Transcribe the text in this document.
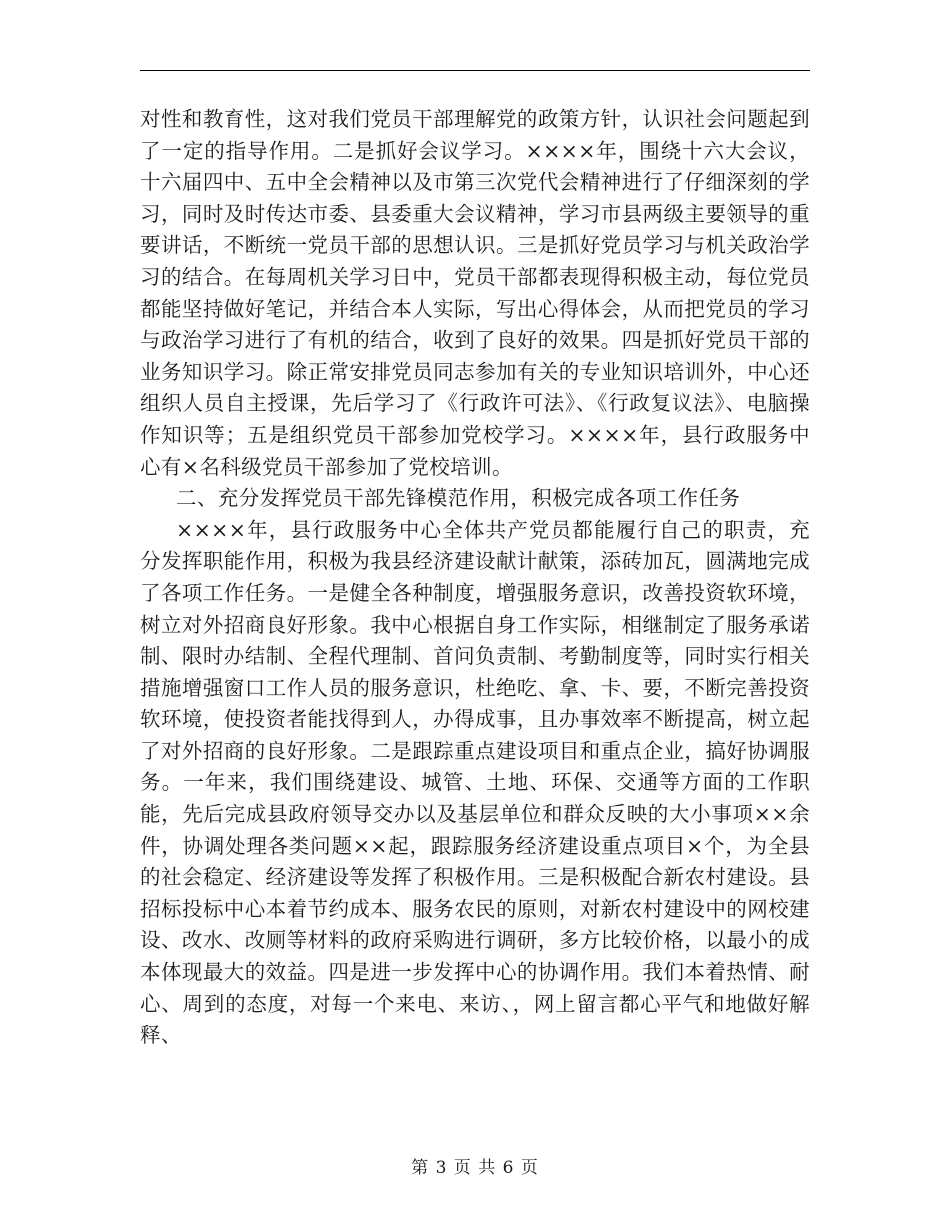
对性和教育性，这对我们党员干部理解党的政策方针，认识社会问题起到了一定的指导作用。二是抓好会议学习。××××年，围绕十六大会议，十六届四中、五中全会精神以及市第三次党代会精神进行了仔细深刻的学习，同时及时传达市委、县委重大会议精神，学习市县两级主要领导的重要讲话，不断统一党员干部的思想认识。三是抓好党员学习与机关政治学习的结合。在每周机关学习日中，党员干部都表现得积极主动，每位党员都能坚持做好笔记，并结合本人实际，写出心得体会，从而把党员的学习与政治学习进行了有机的结合，收到了良好的效果。四是抓好党员干部的业务知识学习。除正常安排党员同志参加有关的专业知识培训外，中心还组织人员自主授课，先后学习了《行政许可法》、《行政复议法》、电脑操作知识等；五是组织党员干部参加党校学习。××××年，县行政服务中心有×名科级党员干部参加了党校培训。

二、充分发挥党员干部先锋模范作用，积极完成各项工作任务

××××年，县行政服务中心全体共产党员都能履行自己的职责，充分发挥职能作用，积极为我县经济建设献计献策，添砖加瓦，圆满地完成了各项工作任务。一是健全各种制度，增强服务意识，改善投资软环境，树立对外招商良好形象。我中心根据自身工作实际，相继制定了服务承诺制、限时办结制、全程代理制、首问负责制、考勤制度等，同时实行相关措施增强窗口工作人员的服务意识，杜绝吃、拿、卡、要，不断完善投资软环境，使投资者能找得到人，办得成事，且办事效率不断提高，树立起了对外招商的良好形象。二是跟踪重点建设项目和重点企业，搞好协调服务。一年来，我们围绕建设、城管、土地、环保、交通等方面的工作职能，先后完成县政府领导交办以及基层单位和群众反映的大小事项××余件，协调处理各类问题××起，跟踪服务经济建设重点项目×个，为全县的社会稳定、经济建设等发挥了积极作用。三是积极配合新农村建设。县招标投标中心本着节约成本、服务农民的原则，对新农村建设中的网校建设、改水、改厕等材料的政府采购进行调研，多方比较价格，以最小的成本体现最大的效益。四是进一步发挥中心的协调作用。我们本着热情、耐心、周到的态度，对每一个来电、来访、，网上留言都心平气和地做好解释、

第 3 页 共 6 页
